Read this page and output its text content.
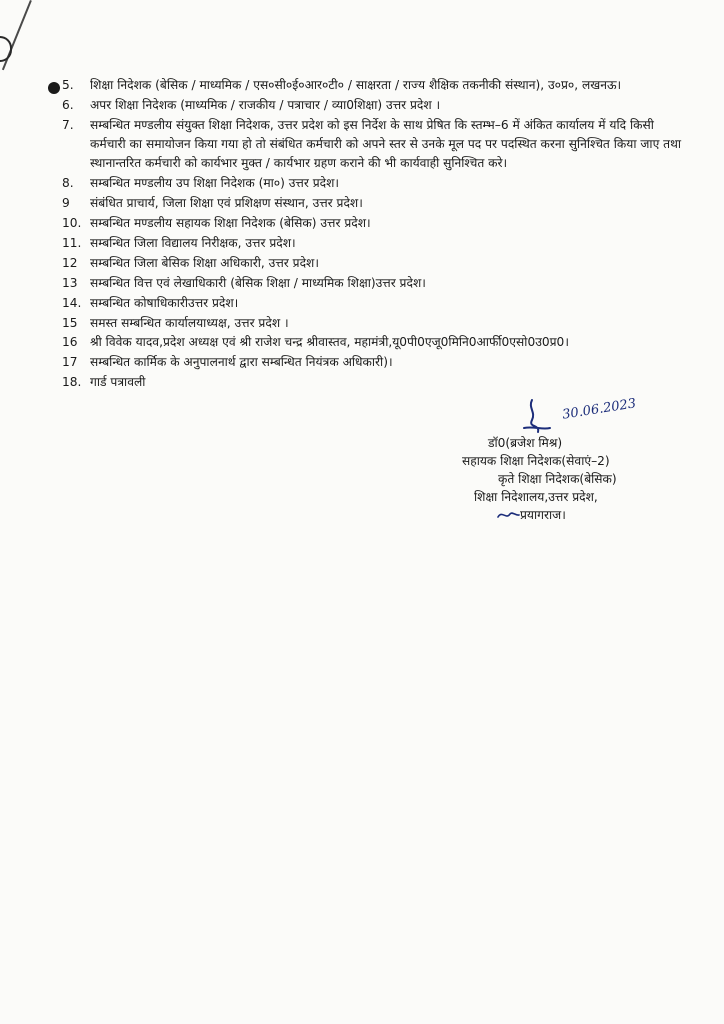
5. शिक्षा निदेशक (बेसिक / माध्यमिक / एस०सी०ई०आर०टी० / साक्षरता / राज्य शैक्षिक तकनीकी संस्थान), उ०प्र०, लखनऊ।
6. अपर शिक्षा निदेशक (माध्यमिक / राजकीय / पत्राचार / व्या0शिक्षा) उत्तर प्रदेश ।
7. सम्बन्धित मण्डलीय संयुक्त शिक्षा निदेशक, उत्तर प्रदेश को इस निर्देश के साथ प्रेषित कि स्तम्भ–6 में अंकित कार्यालय में यदि किसी कर्मचारी का समायोजन किया गया हो तो संबंधित कर्मचारी को अपने स्तर से उनके मूल पद पर पदस्थित करना सुनिश्चित किया जाए तथा स्थानान्तरित कर्मचारी को कार्यभार मुक्त / कार्यभार ग्रहण कराने की भी कार्यवाही सुनिश्चित करे।
8. सम्बन्धित मण्डलीय उप शिक्षा निदेशक (मा०) उत्तर प्रदेश।
9 संबंधित प्राचार्य, जिला शिक्षा एवं प्रशिक्षण संस्थान, उत्तर प्रदेश।
10. सम्बन्धित मण्डलीय सहायक शिक्षा निदेशक (बेसिक) उत्तर प्रदेश।
11. सम्बन्धित जिला विद्यालय निरीक्षक, उत्तर प्रदेश।
12 सम्बन्धित जिला बेसिक शिक्षा अधिकारी, उत्तर प्रदेश।
13 सम्बन्धित वित्त एवं लेखाधिकारी (बेसिक शिक्षा / माध्यमिक शिक्षा)उत्तर प्रदेश।
14. सम्बन्धित कोषाधिकारीउत्तर प्रदेश।
15 समस्त सम्बन्धित कार्यालयाध्यक्ष, उत्तर प्रदेश ।
16 श्री विवेक यादव,प्रदेश अध्यक्ष एवं श्री राजेश चन्द्र श्रीवास्तव, महामंत्री,यू0पी0एजू0मिनि0आर्फी0एसो0उ0प्र0।
17 सम्बन्धित कार्मिक के अनुपालनार्थ द्वारा सम्बन्धित नियंत्रक अधिकारी)।
18. गार्ड पत्रावली
30.06.2023
डॉ0(ब्रजेश मिश्र)
सहायक शिक्षा निदेशक(सेवाएं–2)
कृते शिक्षा निदेशक(बेसिक)
शिक्षा निदेशालय,उत्तर प्रदेश,
प्रयागराज।
